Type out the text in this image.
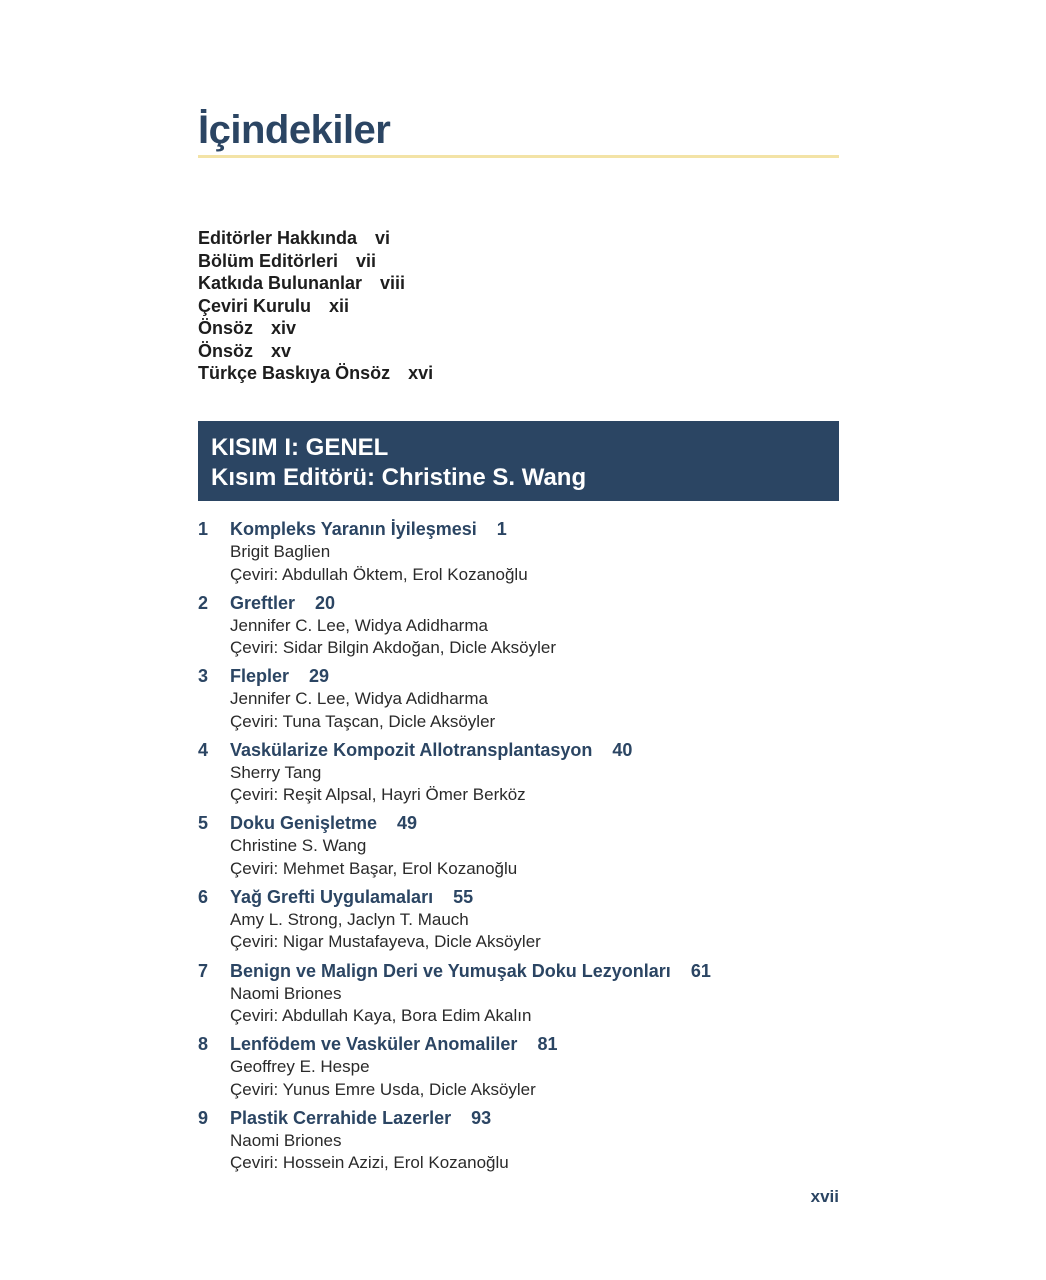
İçindekiler
Editörler Hakkında vi
Bölüm Editörleri vii
Katkıda Bulunanlar viii
Çeviri Kurulu xii
Önsöz xiv
Önsöz xv
Türkçe Baskıya Önsöz xvi
KISIM I: GENEL
Kısım Editörü: Christine S. Wang
1	Kompleks Yaranın İyileşmesi 1
Brigit Baglien
Çeviri: Abdullah Öktem, Erol Kozanoğlu
2	Greftler 20
Jennifer C. Lee, Widya Adidharma
Çeviri: Sidar Bilgin Akdoğan, Dicle Aksöyler
3	Flepler 29
Jennifer C. Lee, Widya Adidharma
Çeviri: Tuna Taşcan, Dicle Aksöyler
4	Vaskülarize Kompozit Allotransplantasyon 40
Sherry Tang
Çeviri: Reşit Alpsal, Hayri Ömer Berköz
5	Doku Genişletme 49
Christine S. Wang
Çeviri: Mehmet Başar, Erol Kozanoğlu
6	Yağ Grefti Uygulamaları 55
Amy L. Strong, Jaclyn T. Mauch
Çeviri: Nigar Mustafayeva, Dicle Aksöyler
7	Benign ve Malign Deri ve Yumuşak Doku Lezyonları 61
Naomi Briones
Çeviri: Abdullah Kaya, Bora Edim Akalın
8	Lenfödem ve Vasküler Anomaliler 81
Geoffrey E. Hespe
Çeviri: Yunus Emre Usda, Dicle Aksöyler
9	Plastik Cerrahide Lazerler 93
Naomi Briones
Çeviri: Hossein Azizi, Erol Kozanoğlu
xvii
